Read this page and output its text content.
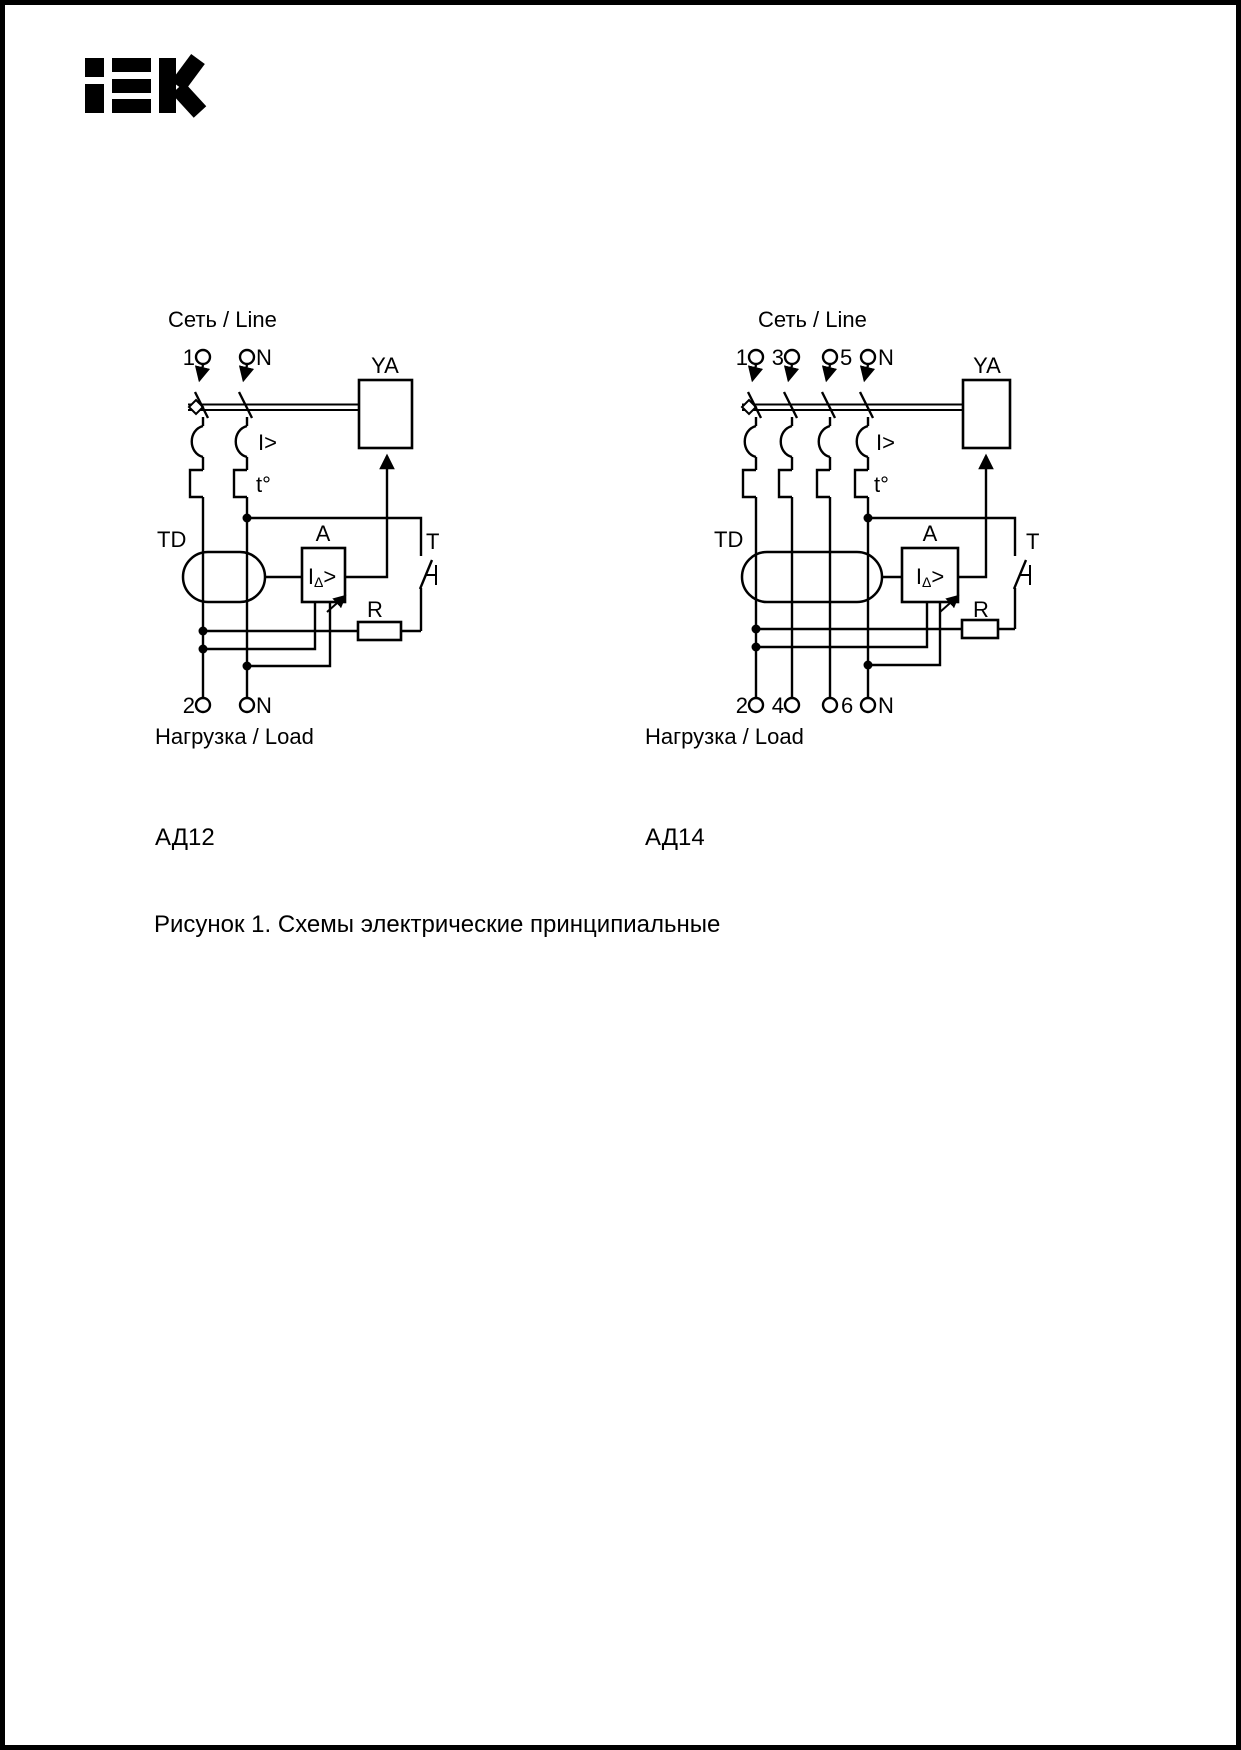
Сеть / Line
1	N	YA
I>
t°
TD	A
IΔ>
T
R
2	N
Нагрузка / Load
Сеть / Line
1 3	5 N	YA
I>
t°
TD	A
IΔ>
T
R
2 4	6 N
Нагрузка / Load
АД12	АД14
Рисунок 1. Схемы электрические принципиальные
